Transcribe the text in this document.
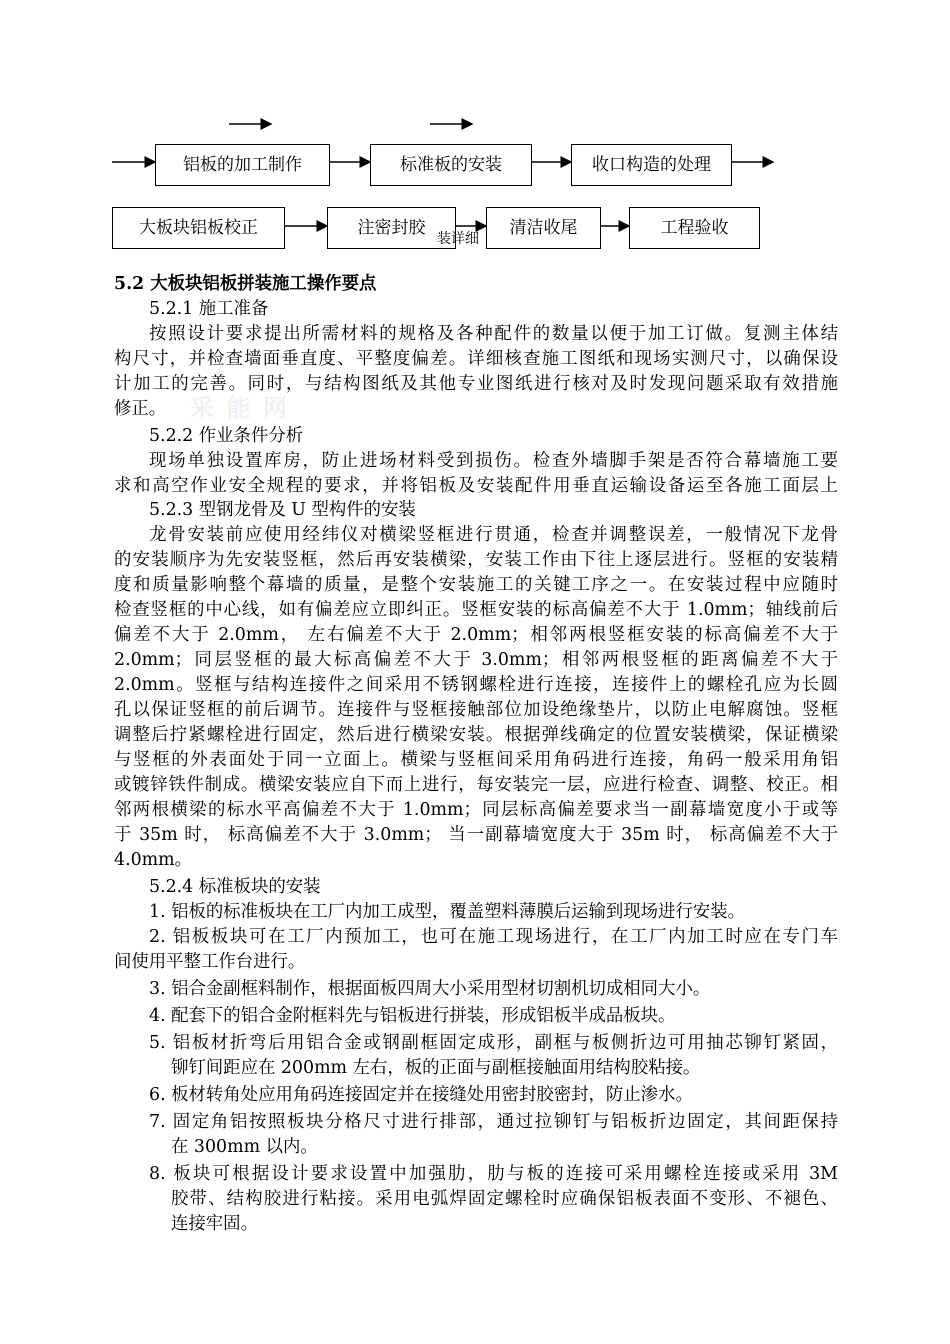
铝板的加工制作	标准板的安装	收口构造的处理
大板块铝板校正	注密封胶
装详细
清洁收尾	工程验收
采 能 网
5.2 大板块铝板拼装施工操作要点
5.2.1 施工准备
按照设计要求提出所需材料的规格及各种配件的数量以便于加工订做。复测主体结
构尺寸，并检查墙面垂直度、平整度偏差。详细核查施工图纸和现场实测尺寸，以确保设
计加工的完善。同时，与结构图纸及其他专业图纸进行核对及时发现问题采取有效措施
修正。
5.2.2 作业条件分析
现场单独设置库房，防止进场材料受到损伤。检查外墙脚手架是否符合幕墙施工要
求和高空作业安全规程的要求，并将铝板及安装配件用垂直运输设备运至各施工面层上
5.2.3 型钢龙骨及 U 型构件的安装
龙骨安装前应使用经纬仪对横梁竖框进行贯通，检查并调整误差，一般情况下龙骨
的安装顺序为先安装竖框，然后再安装横梁，安装工作由下往上逐层进行。竖框的安装精
度和质量影响整个幕墙的质量，是整个安装施工的关键工序之一。在安装过程中应随时
检查竖框的中心线，如有偏差应立即纠正。竖框安装的标高偏差不大于 1.0mm；轴线前后
偏差不大于 2.0mm， 左右偏差不大于 2.0mm；相邻两根竖框安装的标高偏差不大于
2.0mm；同层竖框的最大标高偏差不大于 3.0mm；相邻两根竖框的距离偏差不大于
2.0mm。竖框与结构连接件之间采用不锈钢螺栓进行连接，连接件上的螺栓孔应为长圆
孔以保证竖框的前后调节。连接件与竖框接触部位加设绝缘垫片，以防止电解腐蚀。竖框
调整后拧紧螺栓进行固定，然后进行横梁安装。根据弹线确定的位置安装横梁，保证横梁
与竖框的外表面处于同一立面上。横梁与竖框间采用角码进行连接，角码一般采用角铝
或镀锌铁件制成。横梁安装应自下而上进行，每安装完一层，应进行检查、调整、校正。相
邻两根横梁的标水平高偏差不大于 1.0mm；同层标高偏差要求当一副幕墙宽度小于或等
于 35m 时， 标高偏差不大于 3.0mm； 当一副幕墙宽度大于 35m 时， 标高偏差不大于
4.0mm。
5.2.4 标准板块的安装
1. 铝板的标准板块在工厂内加工成型，覆盖塑料薄膜后运输到现场进行安装。
2. 铝板板块可在工厂内预加工，也可在施工现场进行，在工厂内加工时应在专门车
间使用平整工作台进行。
3. 铝合金副框料制作，根据面板四周大小采用型材切割机切成相同大小。
4. 配套下的铝合金附框料先与铝板进行拼装，形成铝板半成品板块。
5. 铝板材折弯后用铝合金或钢副框固定成形，副框与板侧折边可用抽芯铆钉紧固，
铆钉间距应在 200mm 左右，板的正面与副框接触面用结构胶粘接。
6. 板材转角处应用角码连接固定并在接缝处用密封胶密封，防止渗水。
7. 固定角铝按照板块分格尺寸进行排部，通过拉铆钉与铝板折边固定，其间距保持
在 300mm 以内。
8. 板块可根据设计要求设置中加强肋，肋与板的连接可采用螺栓连接或采用 3M
胶带、结构胶进行粘接。采用电弧焊固定螺栓时应确保铝板表面不变形、不褪色、
连接牢固。
